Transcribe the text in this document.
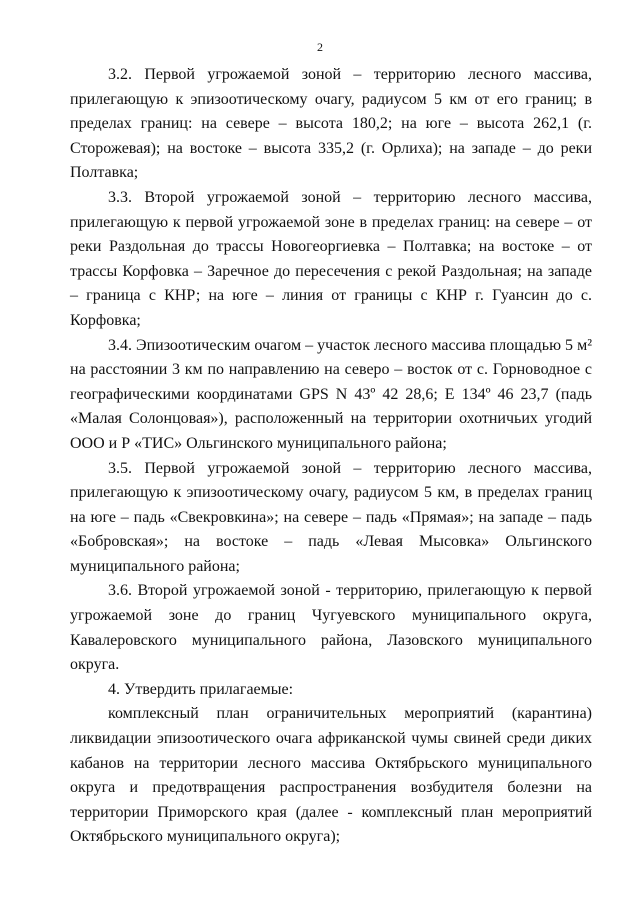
2

3.2. Первой угрожаемой зоной – территорию лесного массива, прилегающую к эпизоотическому очагу, радиусом 5 км от его границ; в пределах границ: на севере – высота 180,2; на юге – высота 262,1 (г. Сторожевая); на востоке – высота 335,2 (г. Орлиха); на западе – до реки Полтавка;

3.3. Второй угрожаемой зоной – территорию лесного массива, прилегающую к первой угрожаемой зоне в пределах границ: на севере – от реки Раздольная до трассы Новогеоргиевка – Полтавка; на востоке – от трассы Корфовка – Заречное до пересечения с рекой Раздольная; на западе – граница с КНР; на юге – линия от границы с КНР г. Гуансин до с. Корфовка;

3.4. Эпизоотическим очагом – участок лесного массива площадью 5 м² на расстоянии 3 км по направлению на северо – восток от с. Горноводное с географическими координатами GPS N 43º 42 28,6; E 134º 46 23,7 (падь «Малая Солонцовая»), расположенный на территории охотничьих угодий ООО и Р «ТИС» Ольгинского муниципального района;

3.5. Первой угрожаемой зоной – территорию лесного массива, прилегающую к эпизоотическому очагу, радиусом 5 км, в пределах границ на юге – падь «Свекровкина»; на севере – падь «Прямая»; на западе – падь «Бобровская»; на востоке – падь «Левая Мысовка» Ольгинского муниципального района;

3.6. Второй угрожаемой зоной - территорию, прилегающую к первой угрожаемой зоне до границ Чугуевского муниципального округа, Кавалеровского муниципального района, Лазовского муниципального округа.

4. Утвердить прилагаемые:

комплексный план ограничительных мероприятий (карантина) ликвидации эпизоотического очага африканской чумы свиней среди диких кабанов на территории лесного массива Октябрьского муниципального округа и предотвращения распространения возбудителя болезни на территории Приморского края (далее - комплексный план мероприятий Октябрьского муниципального округа);
